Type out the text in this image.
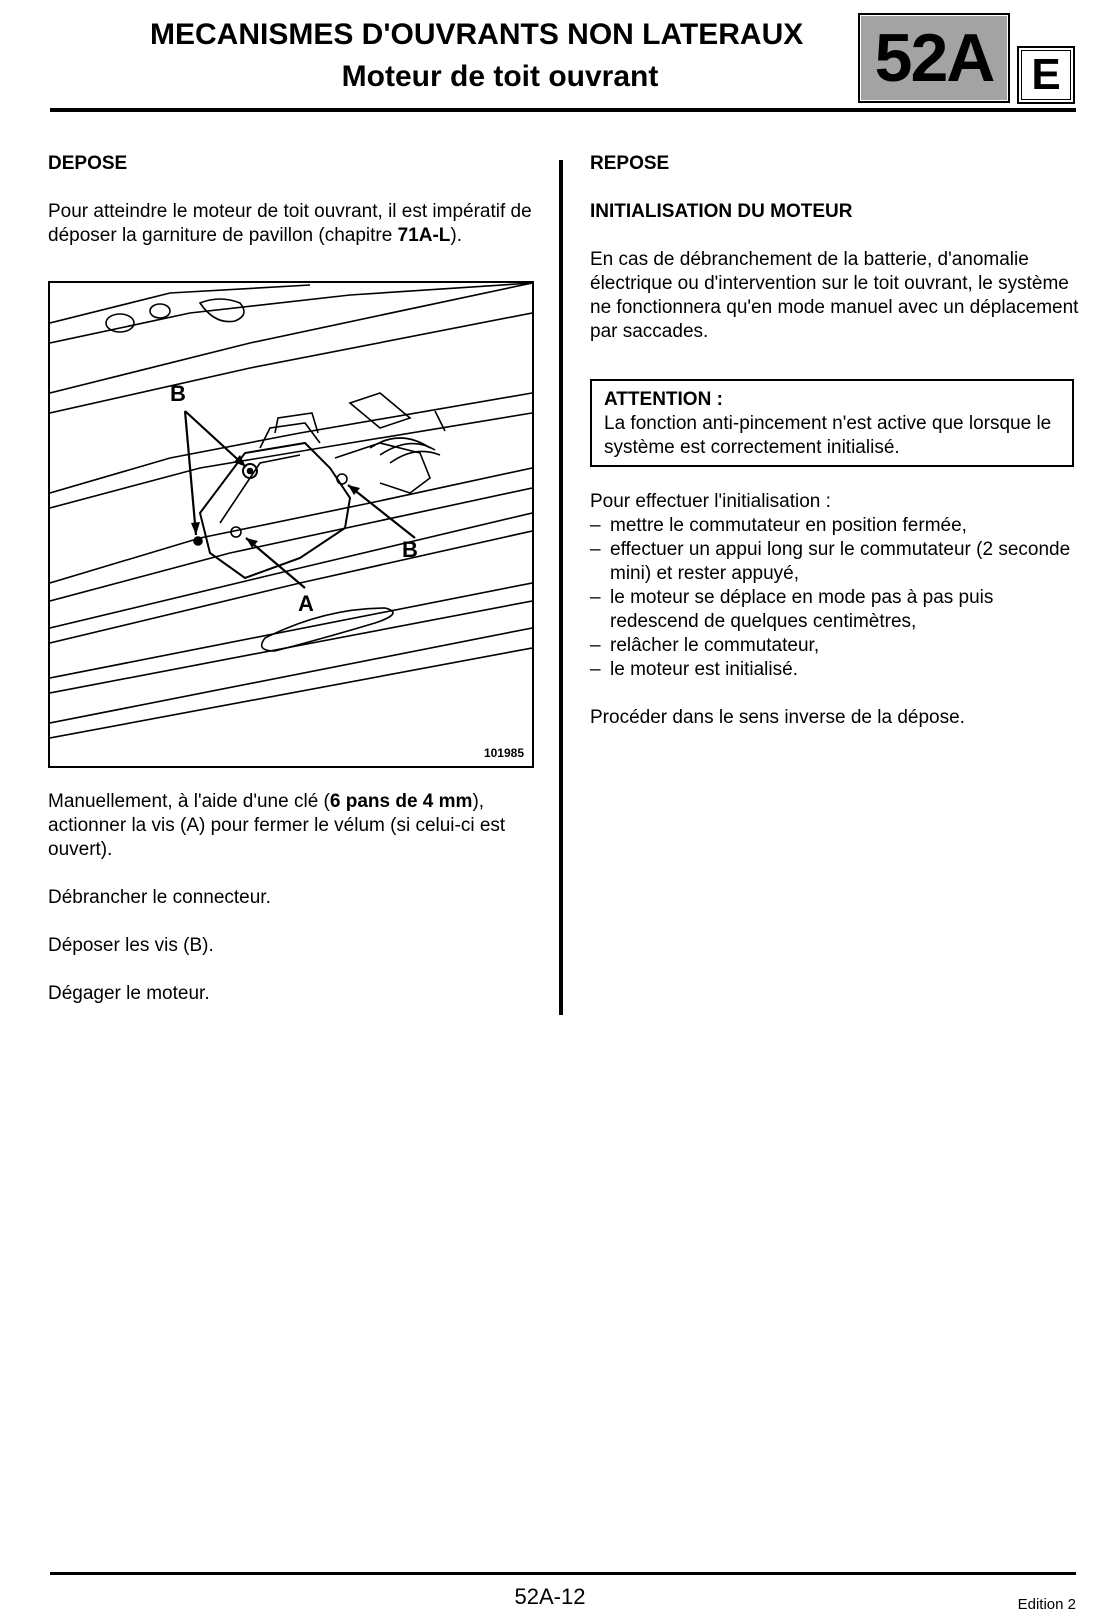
MECANISMES D'OUVRANTS NON LATERAUX
Moteur de toit ouvrant	52A E

DEPOSE

Pour atteindre le moteur de toit ouvrant, il est impératif de déposer la garniture de pavillon (chapitre 71A-L).

B
B
A
101985

Manuellement, à l'aide d'une clé (6 pans de 4 mm), actionner la vis (A) pour fermer le vélum (si celui-ci est ouvert).

Débrancher le connecteur.

Déposer les vis (B).

Dégager le moteur.

REPOSE

INITIALISATION DU MOTEUR

En cas de débranchement de la batterie, d'anomalie électrique ou d'intervention sur le toit ouvrant, le système ne fonctionnera qu'en mode manuel avec un déplacement par saccades.

ATTENTION :
La fonction anti-pincement n'est active que lorsque le système est correctement initialisé.

Pour effectuer l'initialisation :

– mettre le commutateur en position fermée,
– effectuer un appui long sur le commutateur (2 seconde mini) et rester appuyé,
– le moteur se déplace en mode pas à pas puis redescend de quelques centimètres,
– relâcher le commutateur,
– le moteur est initialisé.

Procéder dans le sens inverse de la dépose.

52A-12	Edition 2
